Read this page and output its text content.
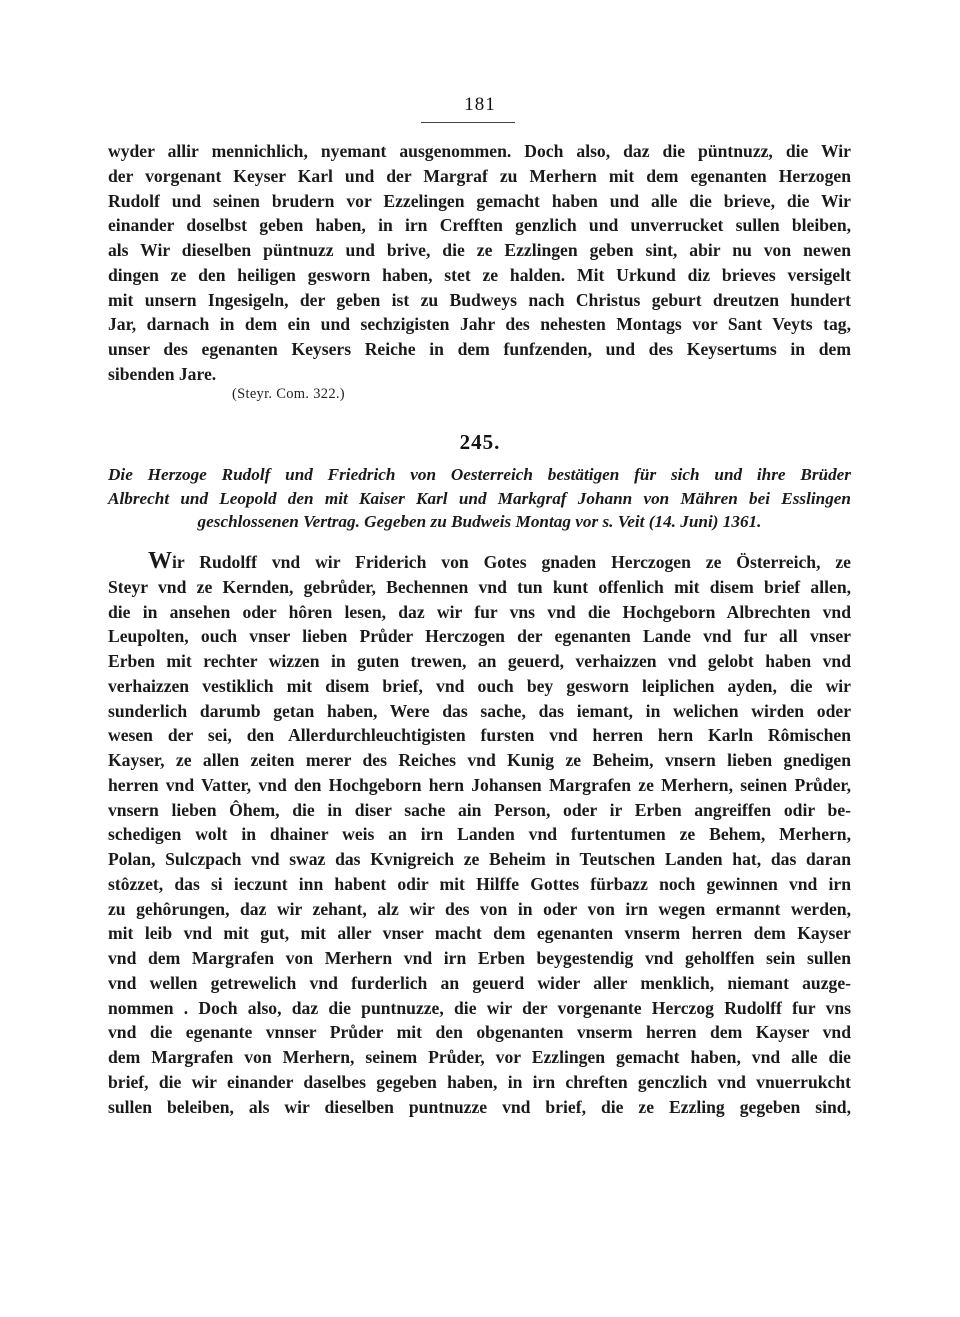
181
wyder allir mennichlich, nyemant ausgenommen. Doch also, daz die püntnuzz, die Wir
der vorgenant Keyser Karl und der Margraf zu Merhern mit dem egenanten Herzogen
Rudolf und seinen brudern vor Ezzelingen gemacht haben und alle die brieve, die Wir
einander doselbst geben haben, in irn Crefften genzlich und unverrucket sullen bleiben,
als Wir dieselben püntnuzz und brive, die ze Ezzlingen geben sint, abir nu von newen
dingen ze den heiligen gesworn haben, stet ze halden. Mit Urkund diz brieves versigelt
mit unsern Ingesigeln, der geben ist zu Budweys nach Christus geburt dreutzen hundert
Jar, darnach in dem ein und sechzigisten Jahr des nehesten Montags vor Sant Veyts tag,
unser des egenanten Keysers Reiche in dem funfzenden, und des Keysertums in dem
sibenden Jare.
(Steyr. Com. 322.)
245.
Die Herzoge Rudolf und Friedrich von Oesterreich bestätigen für sich und ihre Brüder
Albrecht und Leopold den mit Kaiser Karl und Markgraf Johann von Mähren bei Esslingen
geschlossenen Vertrag. Gegeben zu Budweis Montag vor s. Veit (14. Juni) 1361.
Wir Rudolff vnd wir Friderich von Gotes gnaden Herczogen ze Österreich, ze
Steyr vnd ze Kernden, gebrůder, Bechennen vnd tun kunt offenlich mit disem brief allen,
die in ansehen oder hôren lesen, daz wir fur vns vnd die Hochgeborn Albrechten vnd
Leupolten, ouch vnser lieben Průder Herczogen der egenanten Lande vnd fur all vnser
Erben mit rechter wizzen in guten trewen, an geuerd, verhaizzen vnd gelobt haben vnd
verhaizzen vestiklich mit disem brief, vnd ouch bey gesworn leiplichen ayden, die wir
sunderlich darumb getan haben, Were das sache, das iemant, in welichen wirden oder
wesen der sei, den Allerdurchleuchtigisten fursten vnd herren hern Karln Rômischen
Kayser, ze allen zeiten merer des Reiches vnd Kunig ze Beheim, vnsern lieben gnedigen
herren vnd Vatter, vnd den Hochgeborn hern Johansen Margrafen ze Merhern, seinen Průder,
vnsern lieben Ôhem, die in diser sache ain Person, oder ir Erben angreiffen odir be-
schedigen wolt in dhainer weis an irn Landen vnd furtentumen ze Behem, Merhern,
Polan, Sulczpach vnd swaz das Kvnigreich ze Beheim in Teutschen Landen hat, das daran
stôzzet, das si ieczunt inn habent odir mit Hilffe Gottes fürbazz noch gewinnen vnd irn
zu gehôrungen, daz wir zehant, alz wir des von in oder von irn wegen ermannt werden,
mit leib vnd mit gut, mit aller vnser macht dem egenanten vnserm herren dem Kayser
vnd dem Margrafen von Merhern vnd irn Erben beygestendig vnd geholffen sein sullen
vnd wellen getrewelich vnd furderlich an geuerd wider aller menklich, niemant auzge-
nommen . Doch also, daz die puntnuzze, die wir der vorgenante Herczog Rudolff fur vns
vnd die egenante vnnser Průder mit den obgenanten vnserm herren dem Kayser vnd
dem Margrafen von Merhern, seinem Průder, vor Ezzlingen gemacht haben, vnd alle die
brief, die wir einander daselbes gegeben haben, in irn chreften genczlich vnd vnuerrukcht
sullen beleiben, als wir dieselben puntnuzze vnd brief, die ze Ezzling gegeben sind,
